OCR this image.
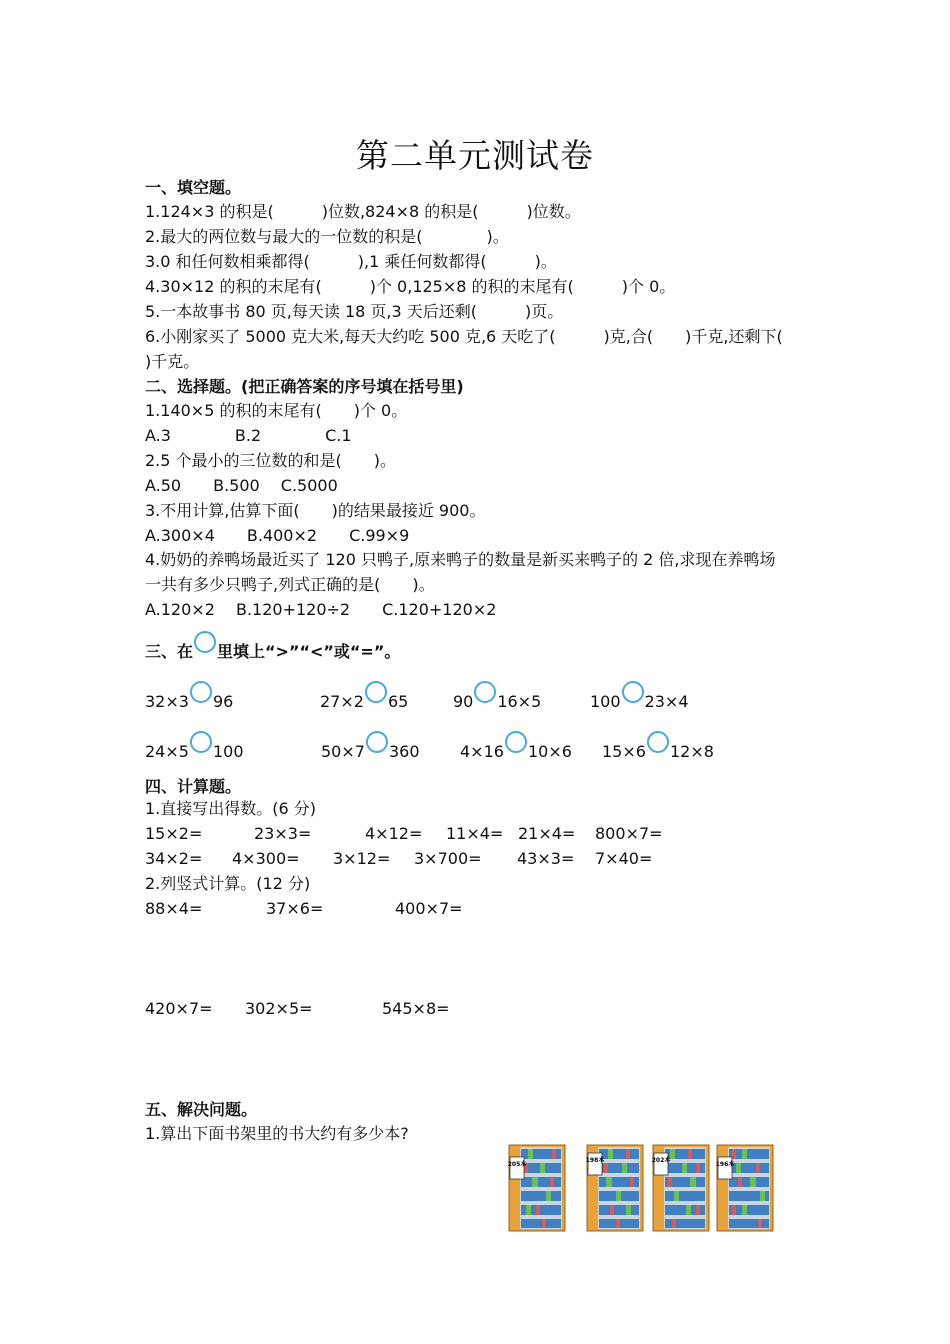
第二单元测试卷
一、填空题。
1.124×3 的积是(　　　)位数,824×8 的积是(　　　)位数。
2.最大的两位数与最大的一位数的积是(　　　　)。
3.0 和任何数相乘都得(　　　),1 乘任何数都得(　　　)。
4.30×12 的积的末尾有(　　　)个 0,125×8 的积的末尾有(　　　)个 0。
5.一本故事书 80 页,每天读 18 页,3 天后还剩(　　　)页。
6.小刚家买了 5000 克大米,每天大约吃 500 克,6 天吃了(　　　)克,合(　　)千克,还剩下(
)千克。
二、选择题。(把正确答案的序号填在括号里)
1.140×5 的积的末尾有(　　)个 0。
A.3　　　　B.2　　　　C.1
2.5 个最小的三位数的和是(　　)。
A.50　　B.500　 C.5000
3.不用计算,估算下面(　　)的结果最接近 900。
A.300×4　　B.400×2　　C.99×9
4.奶奶的养鸭场最近买了 120 只鸭子,原来鸭子的数量是新买来鸭子的 2 倍,求现在养鸭场
一共有多少只鸭子,列式正确的是(　　)。
A.120×2　 B.120+120÷2　　C.120+120×2
三、在 里填上“>”“<”或“=”。
32×3 96	27×2 65	90 16×5	100 23×4
24×5 100	50×7 360	4×16 10×6 15×6 12×8
四、计算题。
1.直接写出得数。(6 分)
15×2=	23×3=	4×12= 11×4= 21×4= 800×7=
34×2= 4×300= 3×12= 3×700= 43×3= 7×40=
2.列竖式计算。(12 分)
88×4=	37×6=	400×7=
420×7= 302×5=	545×8=
五、解决问题。
1.算出下面书架里的书大约有多少本?
205本
198本	202本
196本
